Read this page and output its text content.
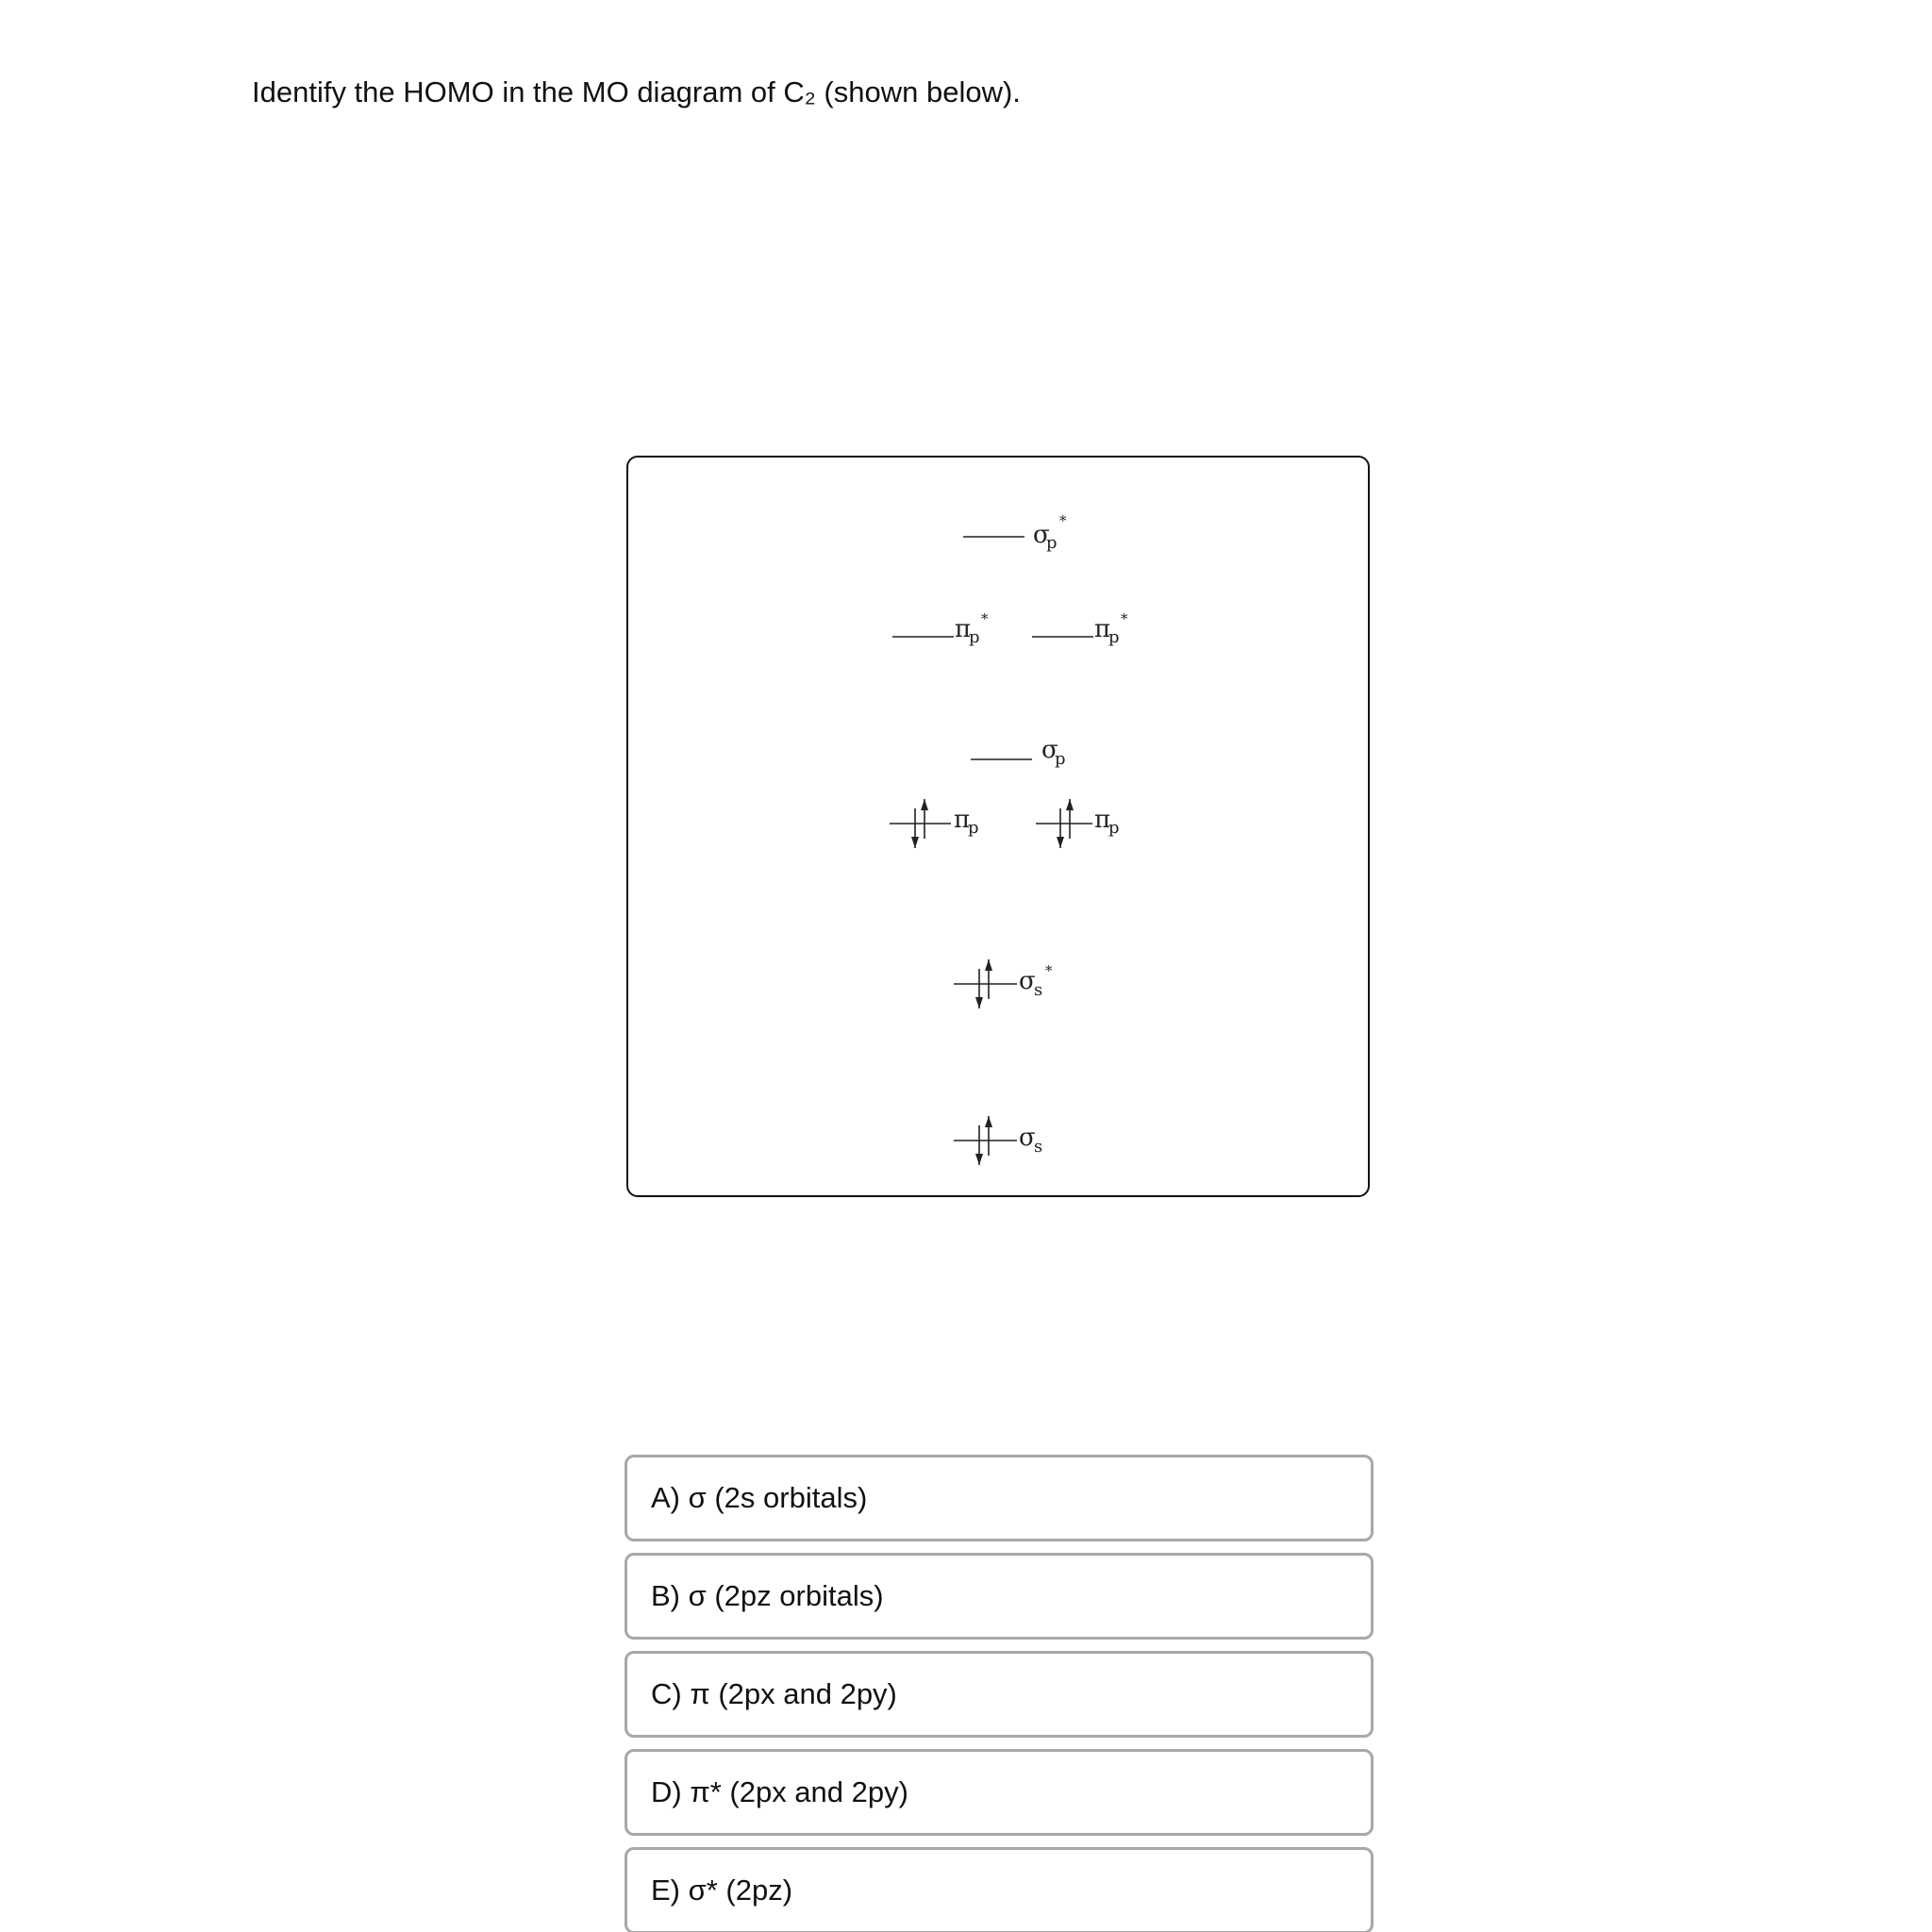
Identify the HOMO in the MO diagram of C₂ (shown below).
σ
p
*
π
p
*	π
p
*
σ
p
π
p	π
p
σ
s
*
σ
s
A) σ (2s orbitals)
B) σ (2pz orbitals)
C) π (2px and 2py)
D) π* (2px and 2py)
E) σ* (2pz)
